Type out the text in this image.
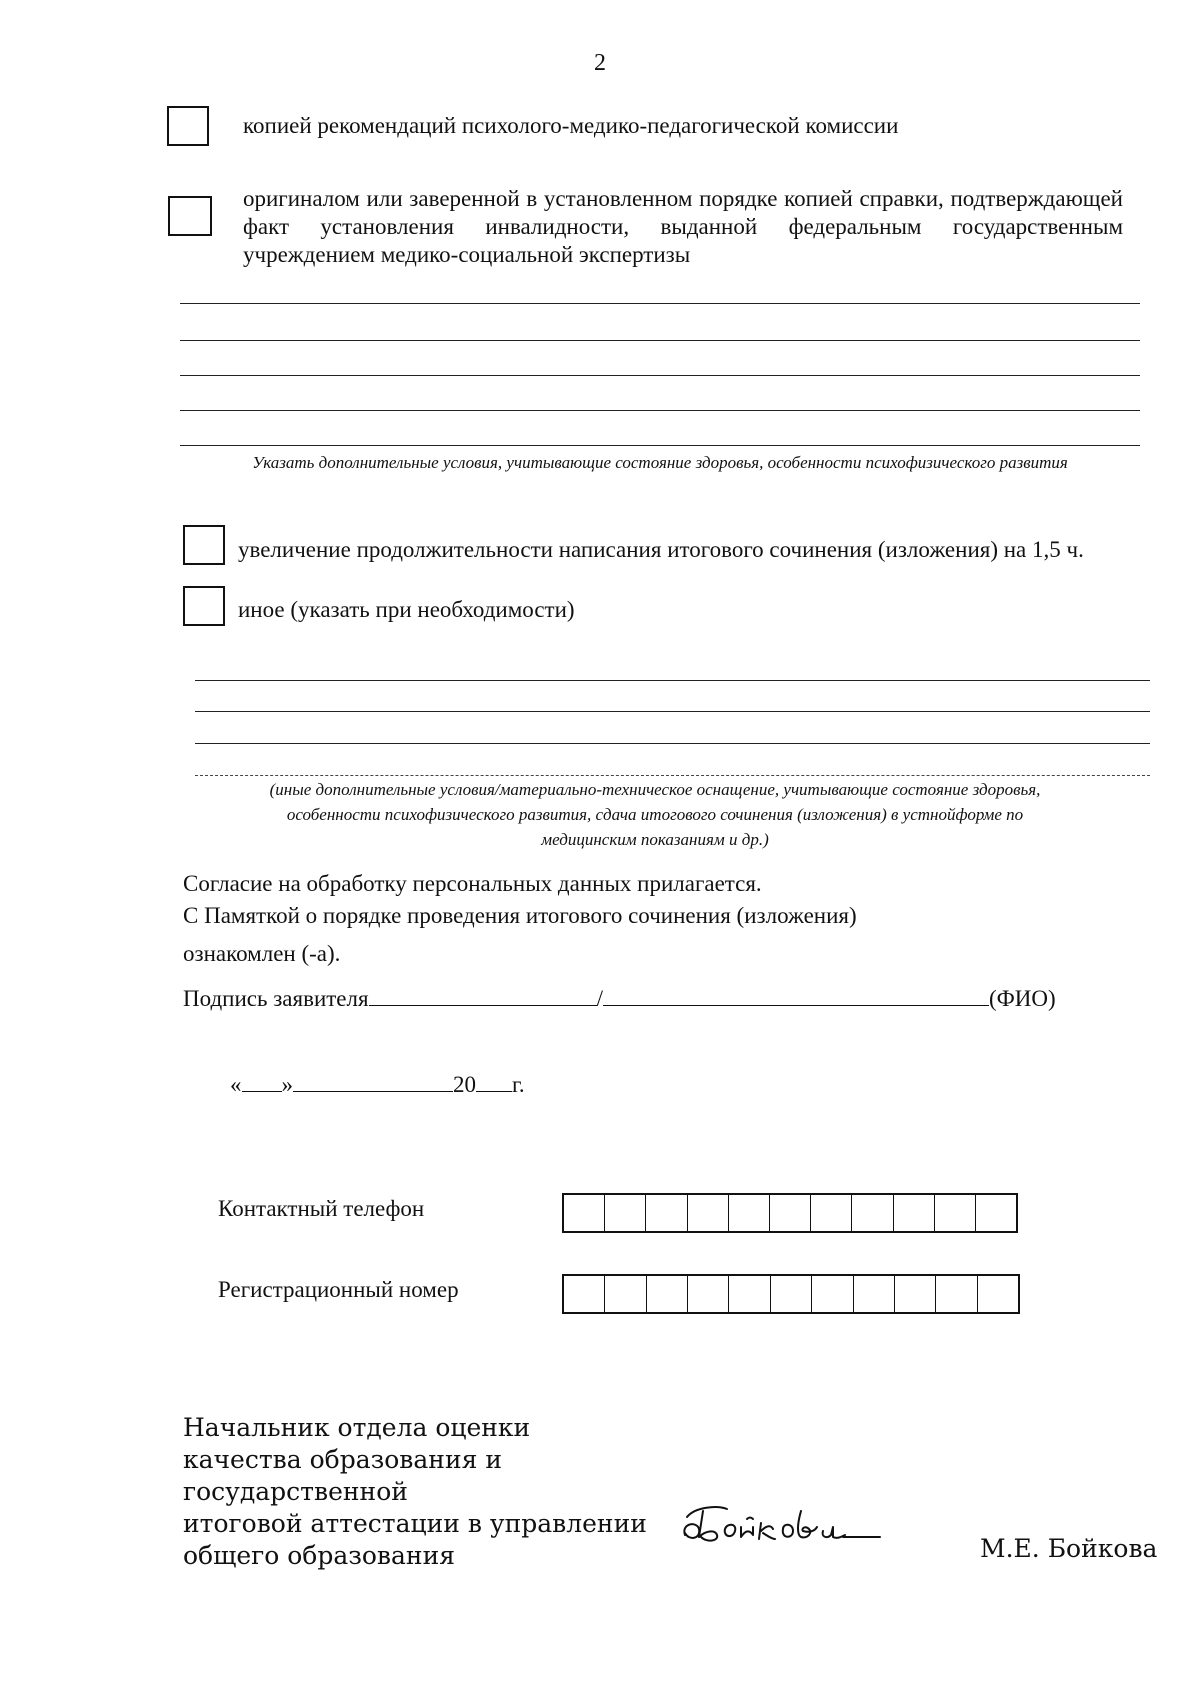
2
копией рекомендаций психолого-медико-педагогической комиссии
оригиналом или заверенной в установленном порядке копией справки, подтверждающей факт установления инвалидности, выданной федеральным государственным учреждением медико-социальной экспертизы
Указать дополнительные условия, учитывающие состояние здоровья, особенности психофизического развития
увеличение продолжительности написания итогового сочинения (изложения) на 1,5 ч.
иное (указать при необходимости)
(иные дополнительные условия/материально-техническое оснащение, учитывающие состояние здоровья, особенности психофизического развития, сдача итогового сочинения (изложения) в устнойформе по медицинским показаниям и др.)
Согласие на обработку персональных данных прилагается.
С Памяткой о порядке проведения итогового сочинения (изложения)
ознакомлен (-а).
Подпись заявителя	/	(ФИО)
« »	20 г.
Контактный телефон
Регистрационный номер
Начальник отдела оценки
качества образования и государственной
итоговой аттестации в управлении
общего образования	М.Е. Бойкова
